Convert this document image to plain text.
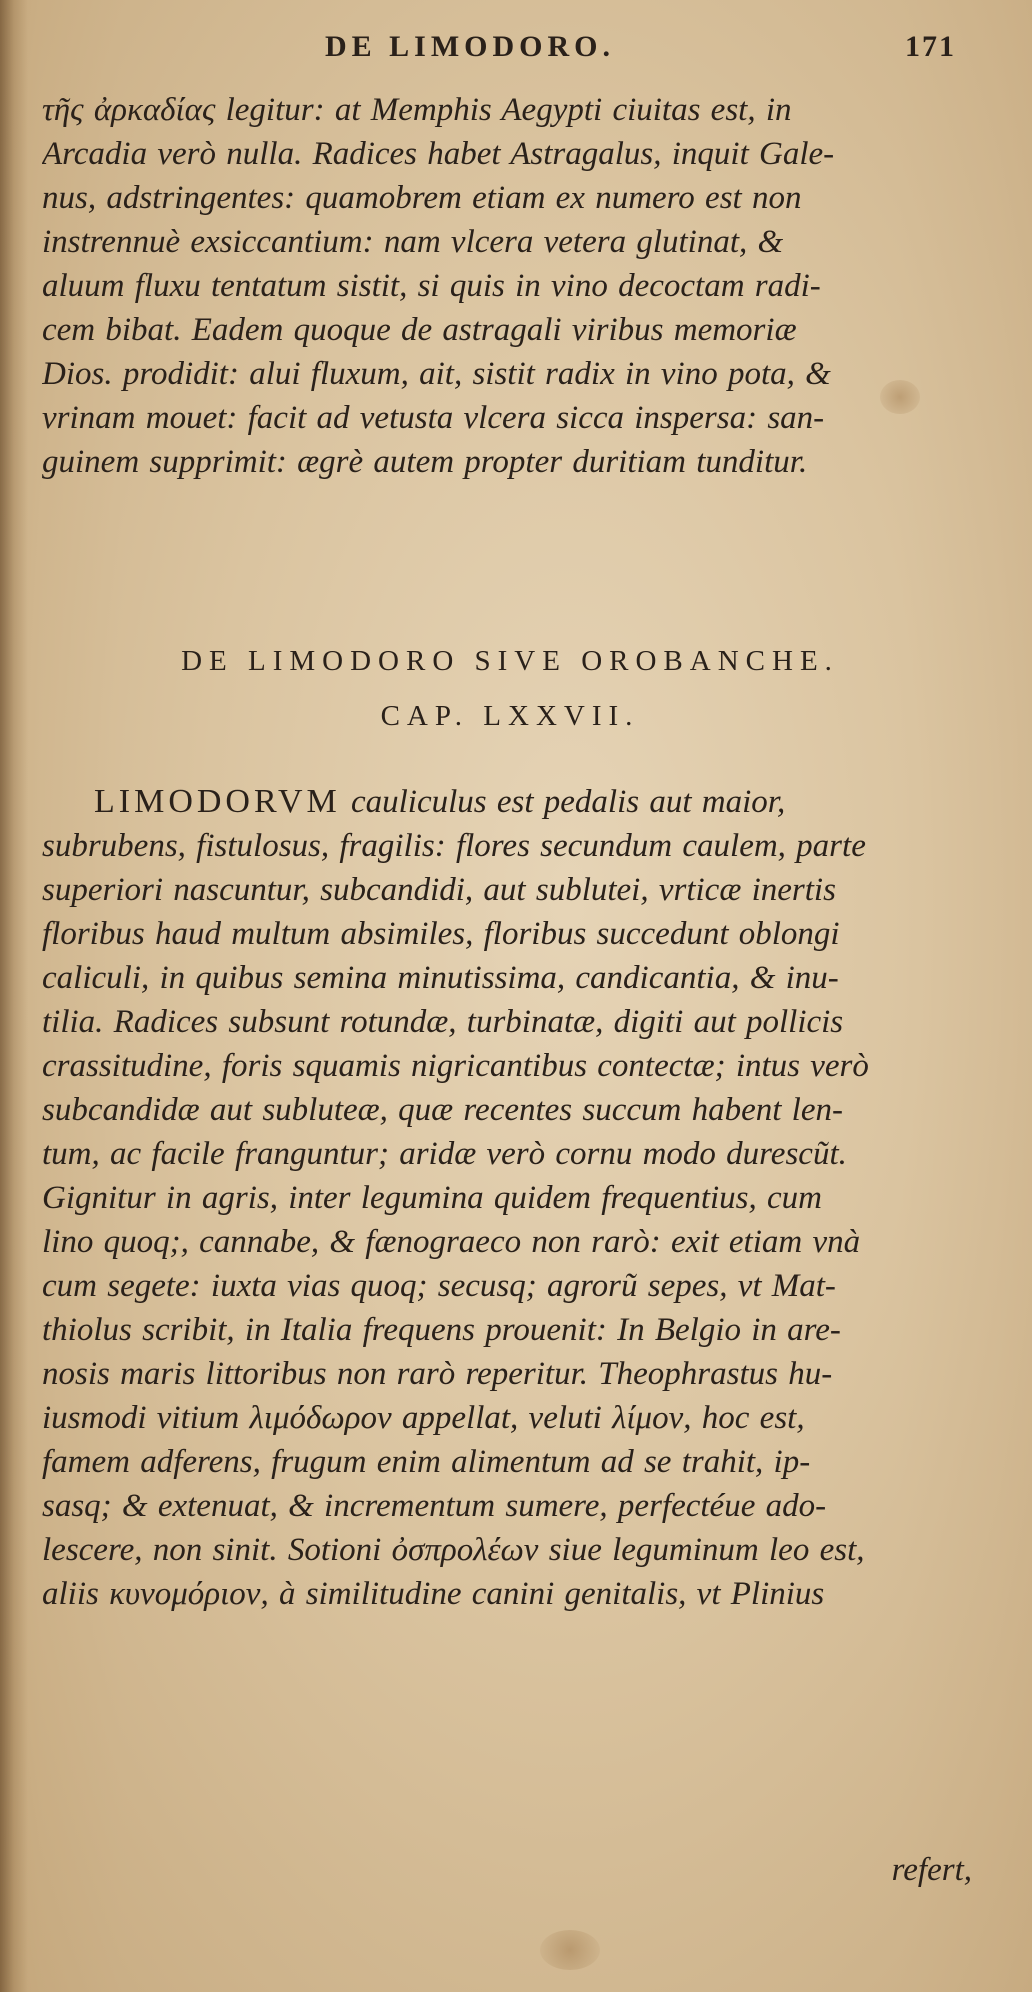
DE LIMODORO.	171
τῆς ἀρκαδίας legitur: at Memphis Aegypti ciuitas est, in
Arcadia verò nulla. Radices habet Astragalus, inquit Gale-
nus, adstringentes: quamobrem etiam ex numero est non
instrennuè exsiccantium: nam vlcera vetera glutinat, &
aluum fluxu tentatum sistit, si quis in vino decoctam radi-
cem bibat. Eadem quoque de astragali viribus memoriæ
Dios. prodidit: alui fluxum, ait, sistit radix in vino pota, &
vrinam mouet: facit ad vetusta vlcera sicca inspersa: san-
guinem supprimit: ægrè autem propter duritiam tunditur.
DE LIMODORO SIVE OROBANCHE.
CAP. LXXVII.
LIMODORVM cauliculus est pedalis aut maior,
subrubens, fistulosus, fragilis: flores secundum caulem, parte
superiori nascuntur, subcandidi, aut sublutei, vrticæ inertis
floribus haud multum absimiles, floribus succedunt oblongi
caliculi, in quibus semina minutissima, candicantia, & inu-
tilia. Radices subsunt rotundæ, turbinatæ, digiti aut pollicis
crassitudine, foris squamis nigricantibus contectæ; intus verò
subcandidæ aut subluteæ, quæ recentes succum habent len-
tum, ac facile franguntur; aridæ verò cornu modo durescũt.
Gignitur in agris, inter legumina quidem frequentius, cum
lino quoq;, cannabe, & fænograeco non rarò: exit etiam vnà
cum segete: iuxta vias quoq; secusq; agrorũ sepes, vt Mat-
thiolus scribit, in Italia frequens prouenit: In Belgio in are-
nosis maris littoribus non rarò reperitur. Theophrastus hu-
iusmodi vitium λιμόδωρον appellat, veluti λίμον, hoc est,
famem adferens, frugum enim alimentum ad se trahit, ip-
sasq; & extenuat, & incrementum sumere, perfectéue ado-
lescere, non sinit. Sotioni ὀσπρολέων siue leguminum leo est,
aliis κυνομόριον, à similitudine canini genitalis, vt Plinius
refert,
